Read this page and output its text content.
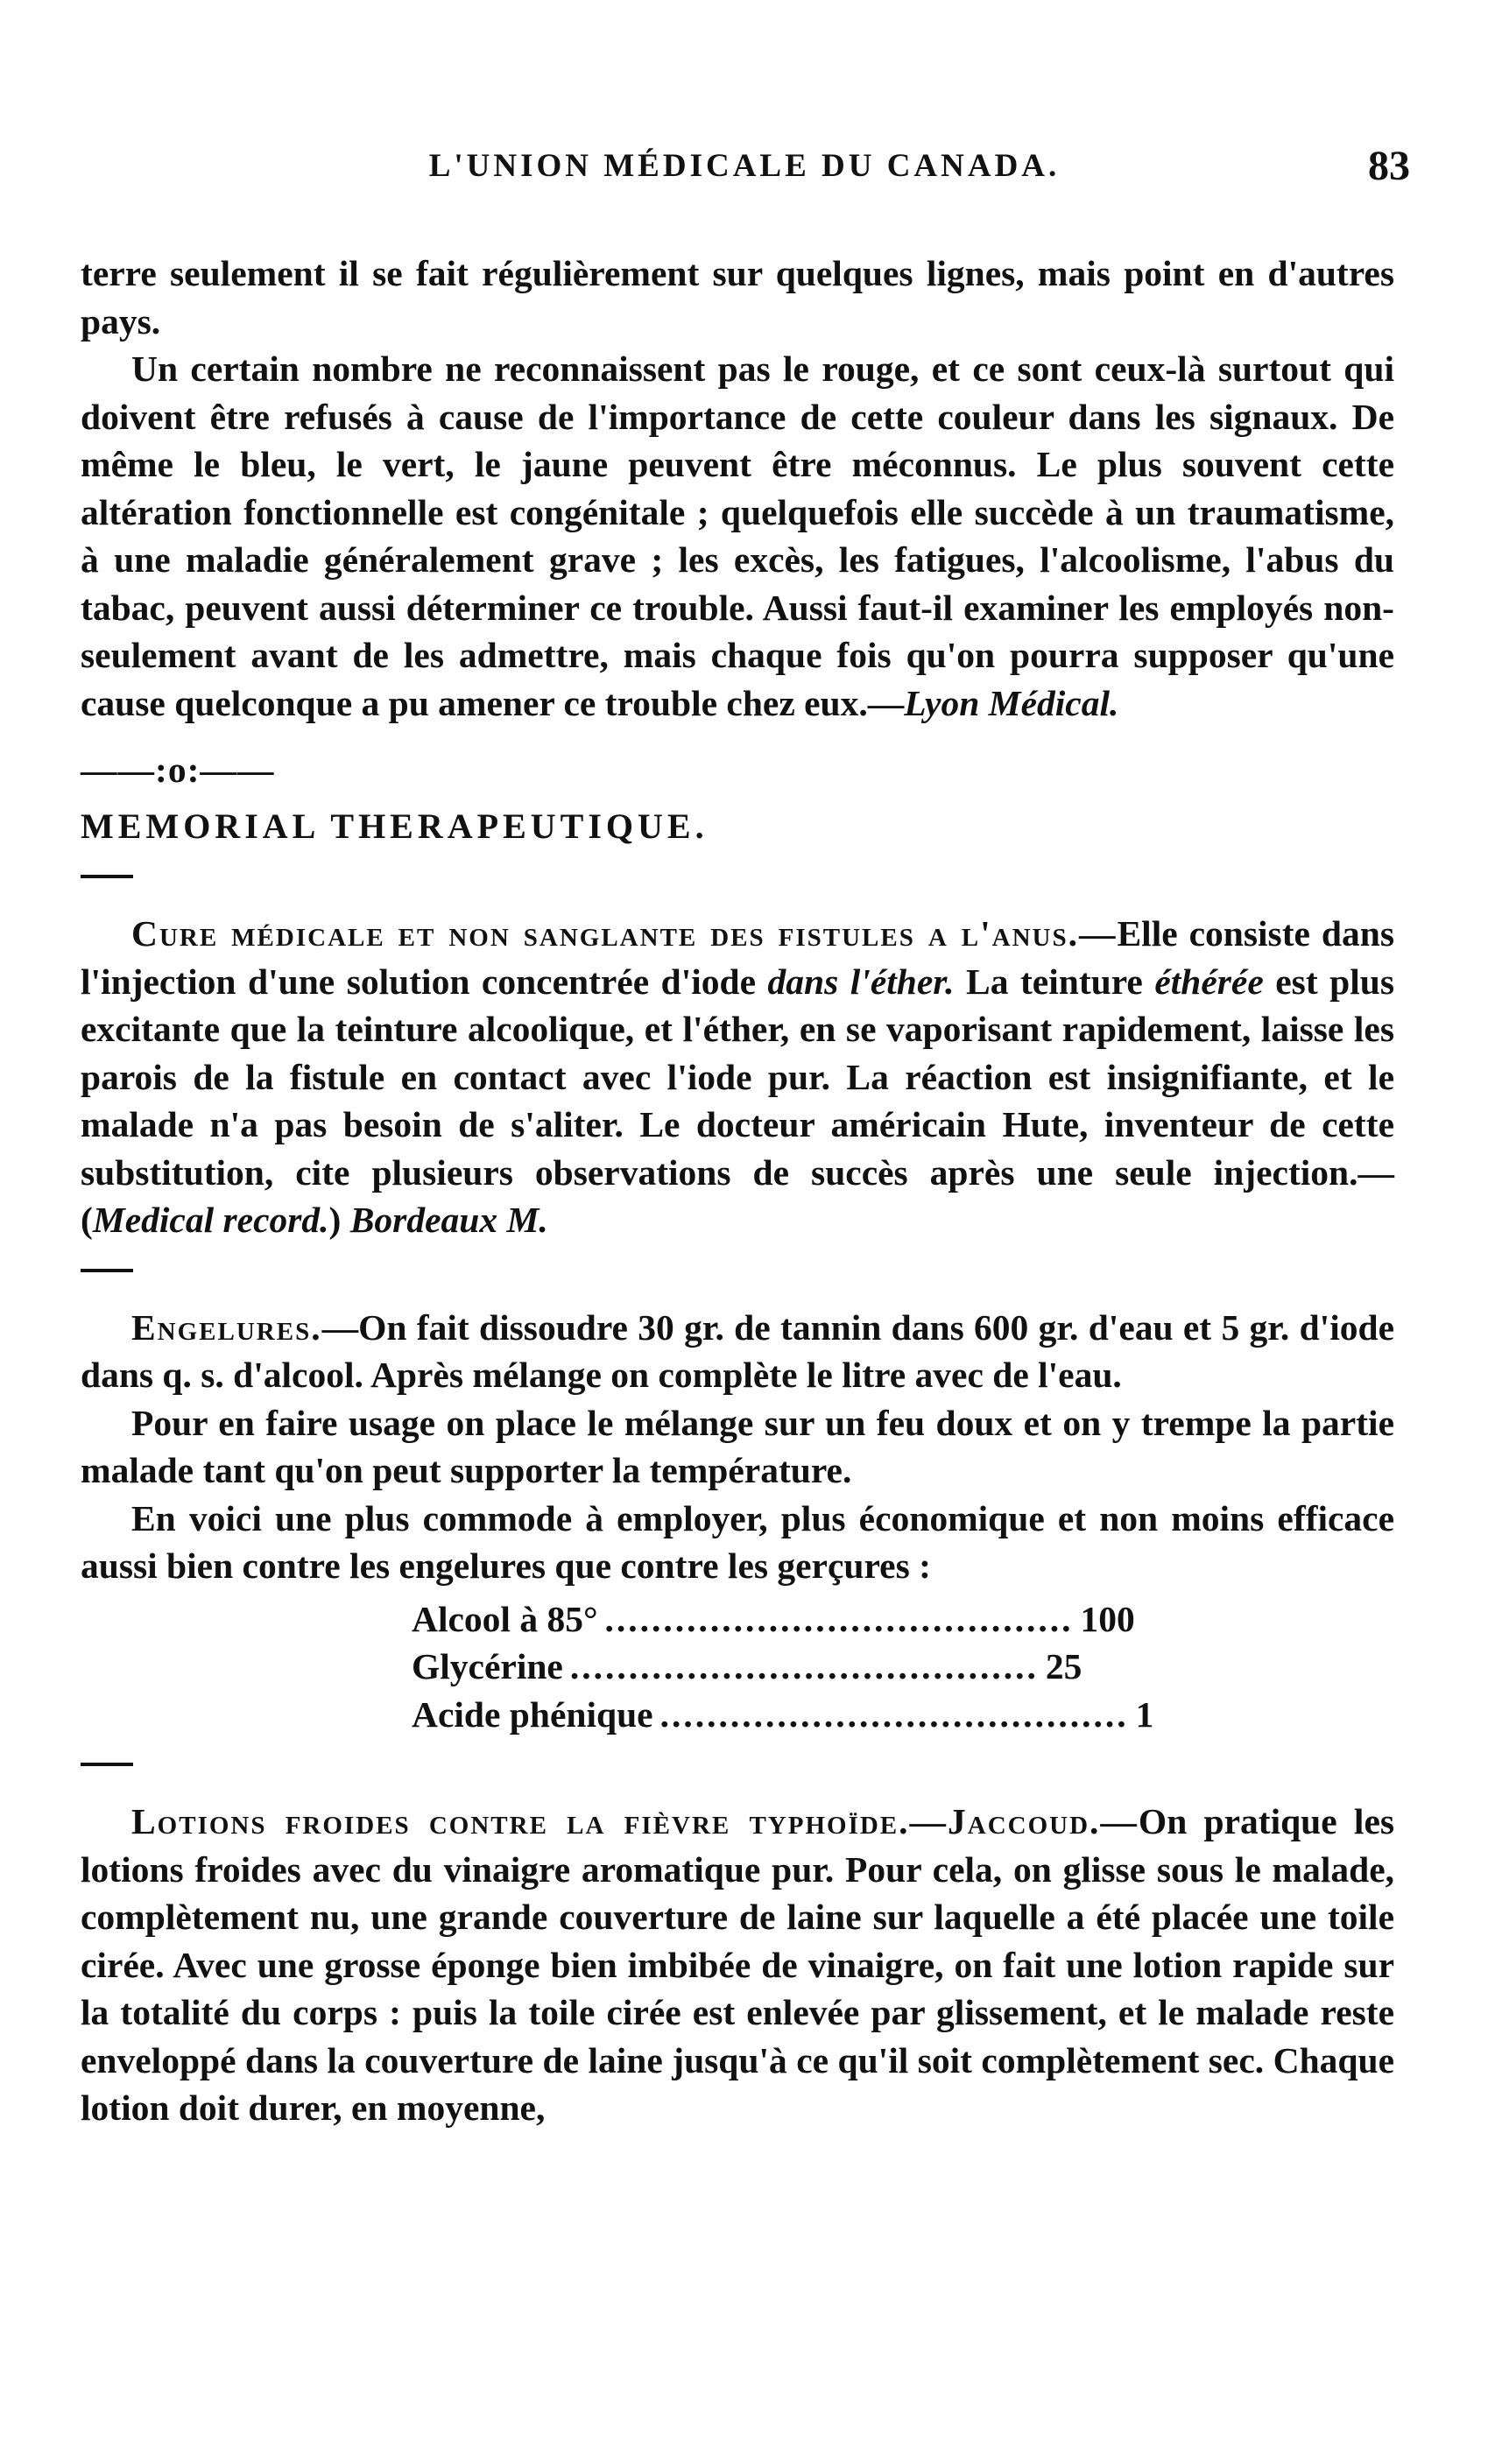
L'UNION MÉDICALE DU CANADA.	83

terre seulement il se fait régulièrement sur quelques lignes, mais point en d'autres pays.

Un certain nombre ne reconnaissent pas le rouge, et ce sont ceux-là surtout qui doivent être refusés à cause de l'importance de cette couleur dans les signaux. De même le bleu, le vert, le jaune peuvent être méconnus. Le plus souvent cette altération fonctionnelle est congénitale ; quelquefois elle succède à un traumatisme, à une maladie généralement grave ; les excès, les fatigues, l'alcoolisme, l'abus du tabac, peuvent aussi déterminer ce trouble. Aussi faut-il examiner les employés non-seulement avant de les admettre, mais chaque fois qu'on pourra supposer qu'une cause quelconque a pu amener ce trouble chez eux.—Lyon Médical.

——:o:——

MEMORIAL THERAPEUTIQUE.

Cure médicale et non sanglante des fistules a l'anus.—Elle consiste dans l'injection d'une solution concentrée d'iode dans l'éther. La teinture éthérée est plus excitante que la teinture alcoolique, et l'éther, en se vaporisant rapidement, laisse les parois de la fistule en contact avec l'iode pur. La réaction est insignifiante, et le malade n'a pas besoin de s'aliter. Le docteur américain Hute, inventeur de cette substitution, cite plusieurs observations de succès après une seule injection.—(Medical record.) Bordeaux M.

Engelures.—On fait dissoudre 30 gr. de tannin dans 600 gr. d'eau et 5 gr. d'iode dans q. s. d'alcool. Après mélange on complète le litre avec de l'eau.

Pour en faire usage on place le mélange sur un feu doux et on y trempe la partie malade tant qu'on peut supporter la température.

En voici une plus commode à employer, plus économique et non moins efficace aussi bien contre les engelures que contre les gerçures :

Alcool à 85° ........................................ 100
Glycérine ........................................ 25
Acide phénique ........................................ 1

Lotions froides contre la fièvre typhoïde.—Jaccoud.—On pratique les lotions froides avec du vinaigre aromatique pur. Pour cela, on glisse sous le malade, complètement nu, une grande couverture de laine sur laquelle a été placée une toile cirée. Avec une grosse éponge bien imbibée de vinaigre, on fait une lotion rapide sur la totalité du corps : puis la toile cirée est enlevée par glissement, et le malade reste enveloppé dans la couverture de laine jusqu'à ce qu'il soit complètement sec. Chaque lotion doit durer, en moyenne,
